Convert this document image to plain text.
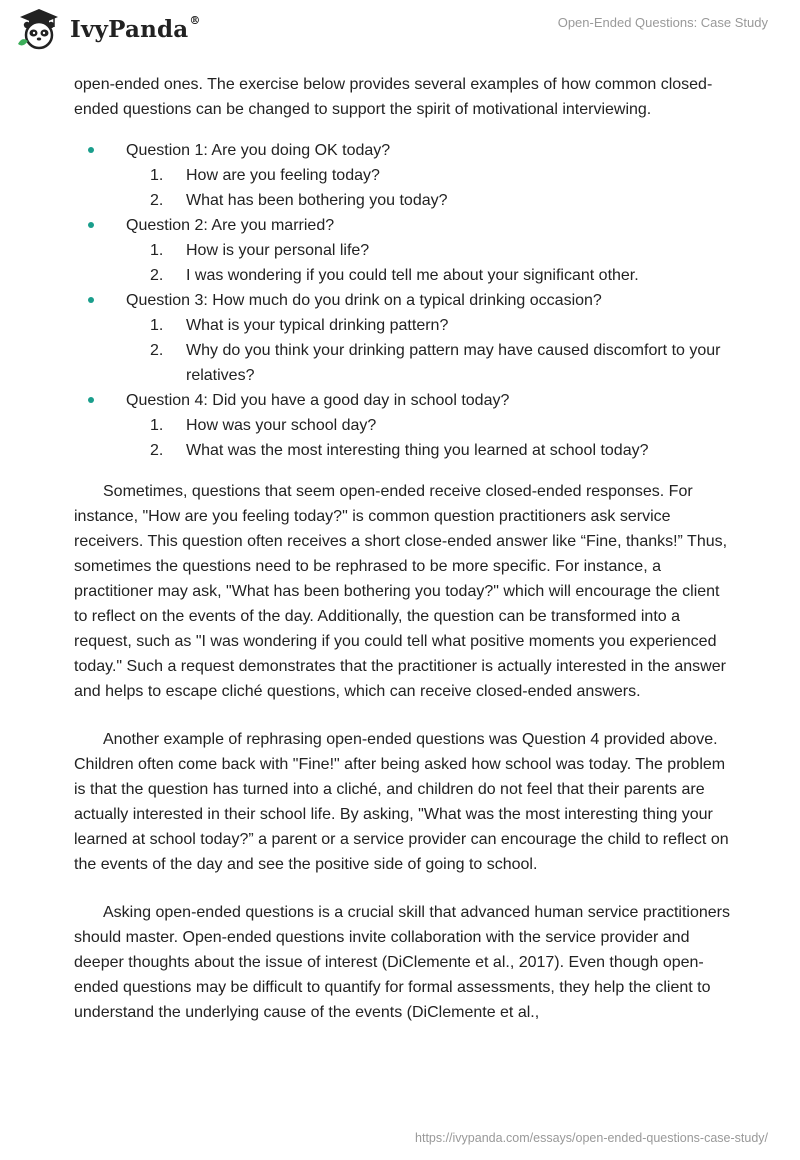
IvyPanda®	Open-Ended Questions: Case Study

open-ended ones. The exercise below provides several examples of how common closed-ended questions can be changed to support the spirit of motivational interviewing.

Question 1: Are you doing OK today?
1. How are you feeling today?
2. What has been bothering you today?
Question 2: Are you married?
1. How is your personal life?
2. I was wondering if you could tell me about your significant other.
Question 3: How much do you drink on a typical drinking occasion?
1. What is your typical drinking pattern?
2. Why do you think your drinking pattern may have caused discomfort to your relatives?
Question 4: Did you have a good day in school today?
1. How was your school day?
2. What was the most interesting thing you learned at school today?

Sometimes, questions that seem open-ended receive closed-ended responses. For instance, "How are you feeling today?" is common question practitioners ask service receivers. This question often receives a short close-ended answer like “Fine, thanks!” Thus, sometimes the questions need to be rephrased to be more specific. For instance, a practitioner may ask, "What has been bothering you today?" which will encourage the client to reflect on the events of the day. Additionally, the question can be transformed into a request, such as "I was wondering if you could tell what positive moments you experienced today." Such a request demonstrates that the practitioner is actually interested in the answer and helps to escape cliché questions, which can receive closed-ended answers.

Another example of rephrasing open-ended questions was Question 4 provided above. Children often come back with "Fine!" after being asked how school was today. The problem is that the question has turned into a cliché, and children do not feel that their parents are actually interested in their school life. By asking, "What was the most interesting thing your learned at school today?” a parent or a service provider can encourage the child to reflect on the events of the day and see the positive side of going to school.

Asking open-ended questions is a crucial skill that advanced human service practitioners should master. Open-ended questions invite collaboration with the service provider and deeper thoughts about the issue of interest (DiClemente et al., 2017). Even though open-ended questions may be difficult to quantify for formal assessments, they help the client to understand the underlying cause of the events (DiClemente et al.,

https://ivypanda.com/essays/open-ended-questions-case-study/
